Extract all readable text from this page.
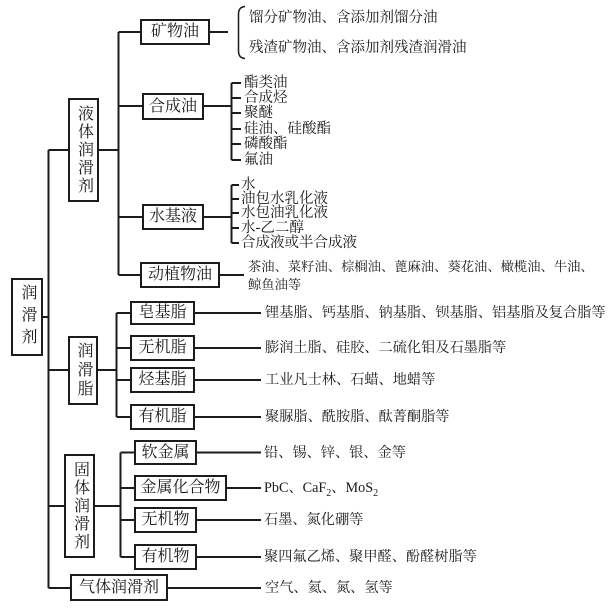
润滑剂
液体润滑剂
润滑脂
固体润滑剂
气体润滑剂
矿物油
合成油
水基液
动植物油
皂基脂
无机脂
烃基脂
有机脂
软金属
金属化合物
无机物
有机物
馏分矿物油、含添加剂馏分油
残渣矿物油、含添加剂残渣润滑油
酯类油
合成烃
聚醚
硅油、硅酸酯
磷酸酯
氟油
水
油包水乳化液
水包油乳化液
水-乙二醇
合成液或半合成液
茶油、菜籽油、棕榈油、蓖麻油、葵花油、橄榄油、牛油、
鲸鱼油等
锂基脂、钙基脂、钠基脂、钡基脂、铝基脂及复合脂等
膨润土脂、硅胶、二硫化钼及石墨脂等
工业凡士林、石蜡、地蜡等
聚脲脂、酰胺脂、酞菁酮脂等
铅、锡、锌、银、金等
PbC、CaF$_2$、MoS$_2$
石墨、氮化硼等
聚四氟乙烯、聚甲醛、酚醛树脂等
空气、氦、氮、氢等
